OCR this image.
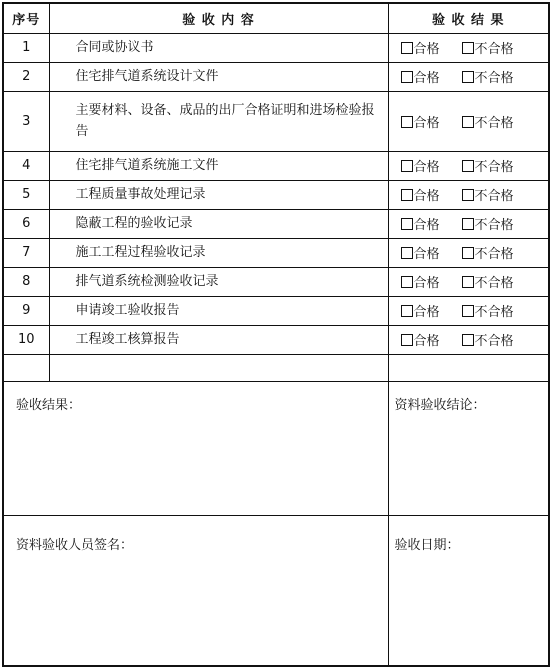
序号	验 收 内 容	验 收 结 果
1	合同或协议书	合格 不合格
2	住宅排气道系统设计文件	合格 不合格
3	主要材料、设备、成品的出厂合格证明和进场检验报告	合格 不合格
4	住宅排气道系统施工文件	合格 不合格
5	工程质量事故处理记录	合格 不合格
6	隐蔽工程的验收记录	合格 不合格
7	施工工程过程验收记录	合格 不合格
8	排气道系统检测验收记录	合格 不合格
9	申请竣工验收报告	合格 不合格
10	工程竣工核算报告	合格 不合格

验收结果：		资料验收结论：
资料验收人员签名：		验收日期：
